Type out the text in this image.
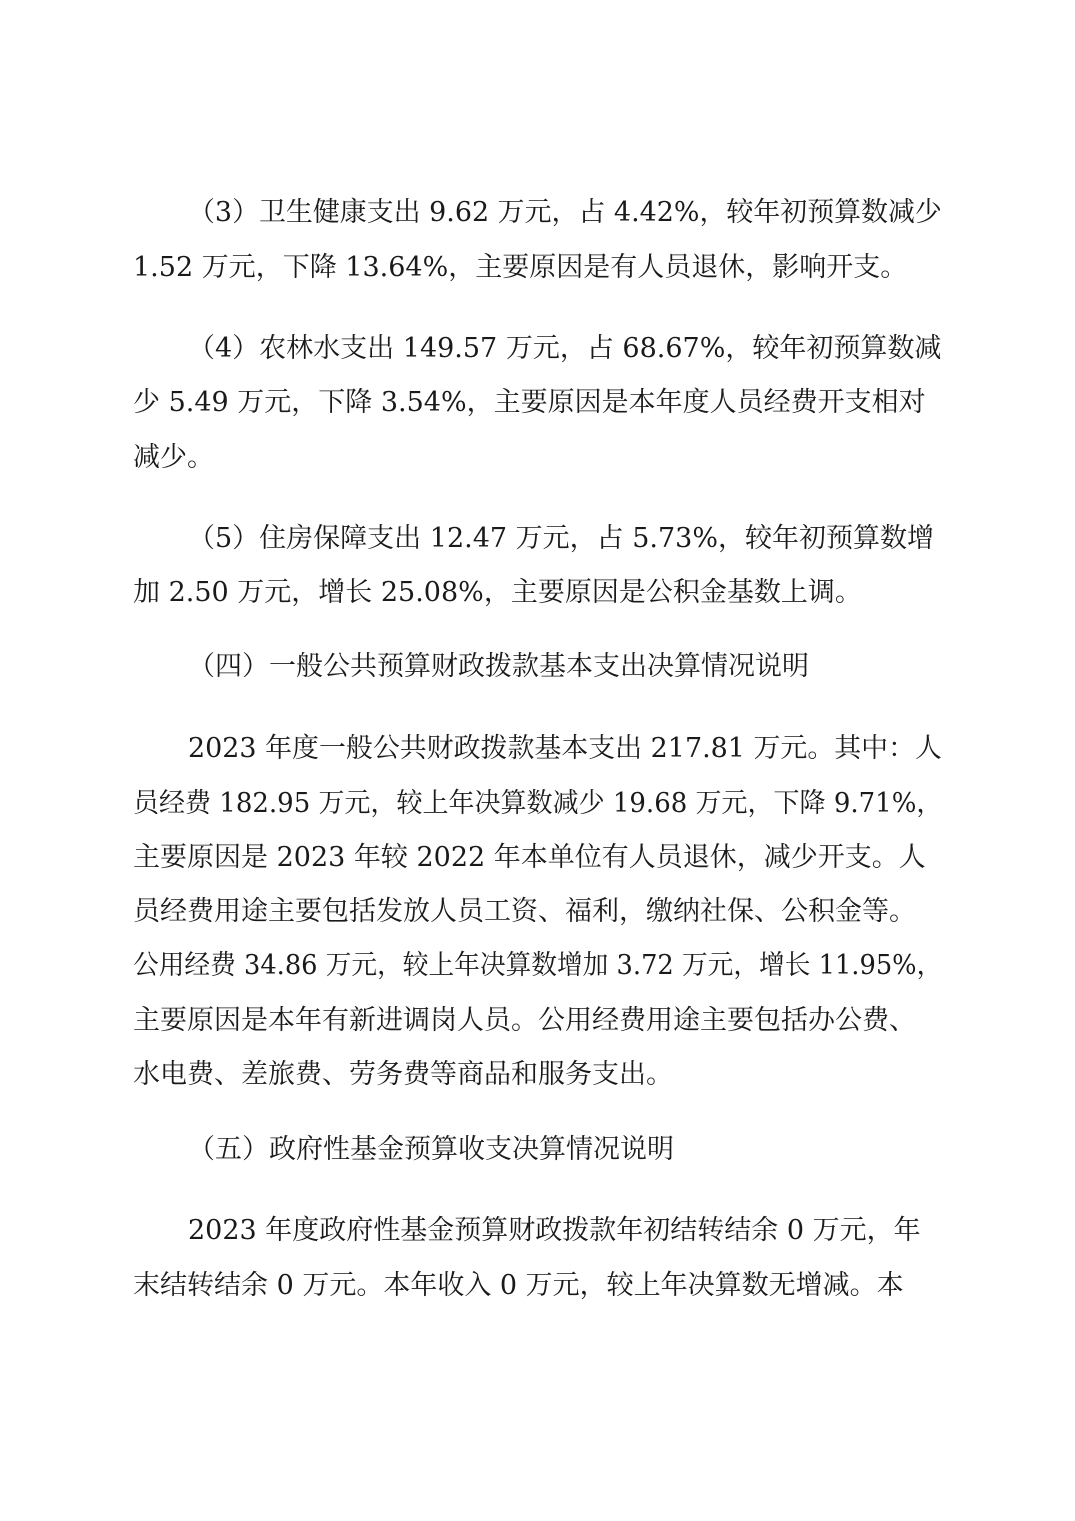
（3）卫生健康支出 9.62 万元，占 4.42%，较年初预算数减少

1.52 万元，下降 13.64%，主要原因是有人员退休，影响开支。

（4）农林水支出 149.57 万元，占 68.67%，较年初预算数减

少 5.49 万元，下降 3.54%，主要原因是本年度人员经费开支相对

减少。

（5）住房保障支出 12.47 万元，占 5.73%，较年初预算数增

加 2.50 万元，增长 25.08%，主要原因是公积金基数上调。

（四）一般公共预算财政拨款基本支出决算情况说明

2023 年度一般公共财政拨款基本支出 217.81 万元。其中：人

员经费 182.95 万元，较上年决算数减少 19.68 万元，下降 9.71%，

主要原因是 2023 年较 2022 年本单位有人员退休，减少开支。人

员经费用途主要包括发放人员工资、福利，缴纳社保、公积金等。

公用经费 34.86 万元，较上年决算数增加 3.72 万元，增长 11.95%，

主要原因是本年有新进调岗人员。公用经费用途主要包括办公费、

水电费、差旅费、劳务费等商品和服务支出。

（五）政府性基金预算收支决算情况说明

2023 年度政府性基金预算财政拨款年初结转结余 0 万元，年

末结转结余 0 万元。本年收入 0 万元，较上年决算数无增减。本
